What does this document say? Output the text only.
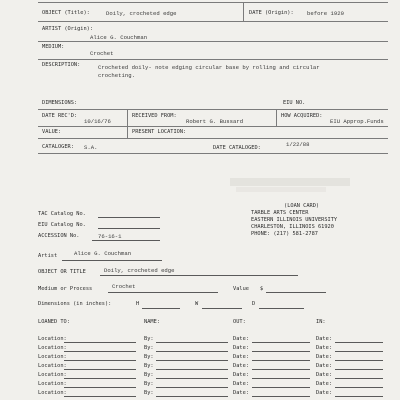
OBJECT (Title):	Doily, crocheted edge	DATE (Origin): before 1920
ARTIST (Origin):
Alice G. Couchman
MEDIUM:
Crochet
DESCRIPTION:	Crocheted doily- note edging circular base by rolling and circular
crocheting.
DIMENSIONS:	EIU NO.
DATE REC'D:
10/16/76
RECEIVED FROM:
Robert G. Bussard
HOW ACQUIRED:
EIU Approp.Funds
VALUE:	PRESENT LOCATION:
CATALOGER: S.A.	DATE CATALOGED:	1/22/88
(LOAN CARD)
TARBLE ARTS CENTER
EASTERN ILLINOIS UNIVERSITY
CHARLESTON, ILLINOIS 61920
PHONE: (217) 581-2787
TAC Catalog No.
EIU Catalog No.
ACCESSION No.	76-16-1
Artist	Alice G. Couchman
OBJECT OR TITLE	Doily, crocheted edge
Medium or Process	Crochet	Value $
Dimensions (in inches):	H	W	D
LOANED TO:	NAME:	OUT:	IN:
Location:	By:	Date:	Date:
Location:	By:	Date:	Date:
Location:	By:	Date:	Date:
Location:	By:	Date:	Date:
Location:	By:	Date:	Date:
Location:	By:	Date:	Date:
Location:	By:	Date:	Date:
